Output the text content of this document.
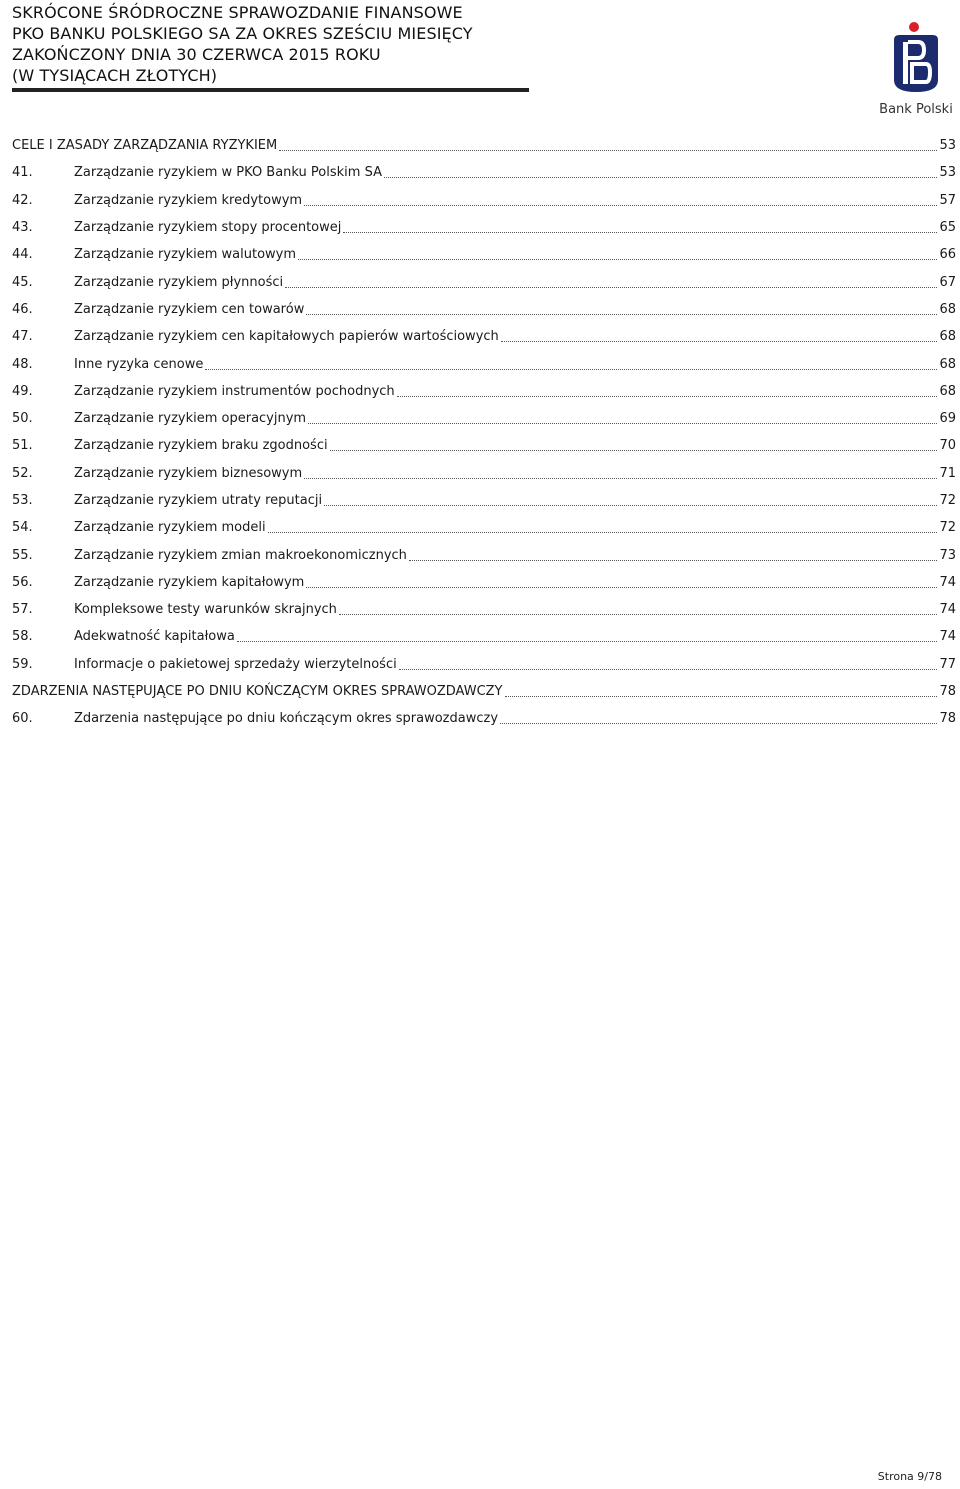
SKRÓCONE ŚRÓDROCZNE SPRAWOZDANIE FINANSOWE
PKO BANKU POLSKIEGO SA ZA OKRES SZEŚCIU MIESIĘCY
ZAKOŃCZONY DNIA 30 CZERWCA 2015 ROKU
(W TYSIĄCACH ZŁOTYCH)
Bank Polski
CELE I ZASADY ZARZĄDZANIA RYZYKIEM	53
41.	Zarządzanie ryzykiem w PKO Banku Polskim SA	53
42.	Zarządzanie ryzykiem kredytowym	57
43.	Zarządzanie ryzykiem stopy procentowej	65
44.	Zarządzanie ryzykiem walutowym	66
45.	Zarządzanie ryzykiem płynności	67
46.	Zarządzanie ryzykiem cen towarów	68
47.	Zarządzanie ryzykiem cen kapitałowych papierów wartościowych	68
48.	Inne ryzyka cenowe	68
49.	Zarządzanie ryzykiem instrumentów pochodnych	68
50.	Zarządzanie ryzykiem operacyjnym	69
51.	Zarządzanie ryzykiem braku zgodności	70
52.	Zarządzanie ryzykiem biznesowym	71
53.	Zarządzanie ryzykiem utraty reputacji	72
54.	Zarządzanie ryzykiem modeli	72
55.	Zarządzanie ryzykiem zmian makroekonomicznych	73
56.	Zarządzanie ryzykiem kapitałowym	74
57.	Kompleksowe testy warunków skrajnych	74
58.	Adekwatność kapitałowa	74
59.	Informacje o pakietowej sprzedaży wierzytelności	77
ZDARZENIA NASTĘPUJĄCE PO DNIU KOŃCZĄCYM OKRES SPRAWOZDAWCZY	78
60.	Zdarzenia następujące po dniu kończącym okres sprawozdawczy	78
Strona 9/78
